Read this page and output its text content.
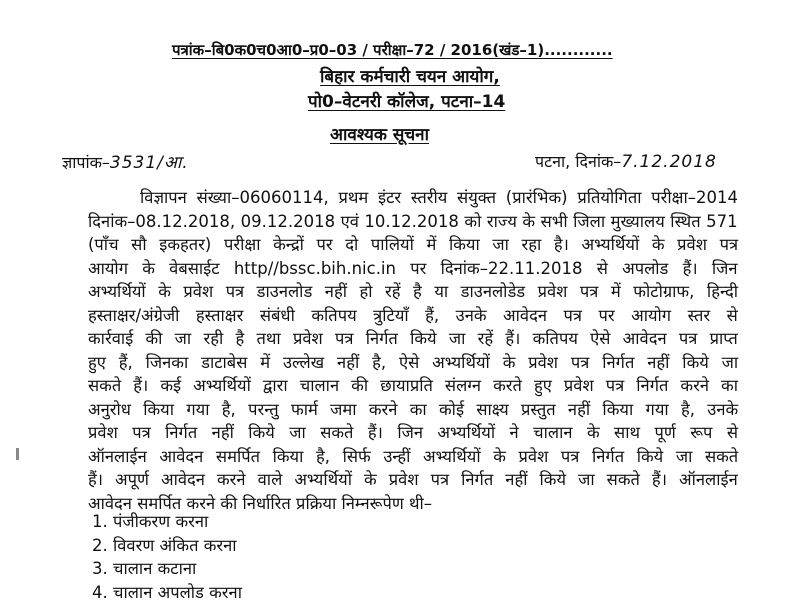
पत्रांक–बि0क0च0आ0–प्र0–03 / परीक्षा–72 / 2016(खंड–1)............
बिहार कर्मचारी चयन आयोग,
पो0–वेटनरी कॉलेज, पटना–14
आवश्यक सूचना
ज्ञापांक–3531/आ.	पटना, दिनांक–7.12.2018
विज्ञापन संख्या–06060114, प्रथम इंटर स्तरीय संयुक्त (प्रारंभिक) प्रतियोगिता परीक्षा–2014
दिनांक–08.12.2018, 09.12.2018 एवं 10.12.2018 को राज्य के सभी जिला मुख्यालय स्थित 571
(पाँच सौ इकहतर) परीक्षा केन्द्रों पर दो पालियों में किया जा रहा है। अभ्यर्थियों के प्रवेश पत्र
आयोग के वेबसाईट http//bssc.bih.nic.in पर दिनांक–22.11.2018 से अपलोड हैं। जिन
अभ्यर्थियों के प्रवेश पत्र डाउनलोड नहीं हो रहें है या डाउनलोडेड प्रवेश पत्र में फोटोग्राफ, हिन्दी
हस्ताक्षर/अंग्रेजी हस्ताक्षर संबंधी कतिपय त्रुटियाँ हैं, उनके आवेदन पत्र पर आयोग स्तर से
कार्रवाई की जा रही है तथा प्रवेश पत्र निर्गत किये जा रहें हैं। कतिपय ऐसे आवेदन पत्र प्राप्त
हुए हैं, जिनका डाटाबेस में उल्लेख नहीं है, ऐसे अभ्यर्थियों के प्रवेश पत्र निर्गत नहीं किये जा
सकते हैं। कई अभ्यर्थियों द्वारा चालान की छायाप्रति संलग्न करते हुए प्रवेश पत्र निर्गत करने का
अनुरोध किया गया है, परन्तु फार्म जमा करने का कोई साक्ष्य प्रस्तुत नहीं किया गया है, उनके
प्रवेश पत्र निर्गत नहीं किये जा सकते हैं। जिन अभ्यर्थियों ने चालान के साथ पूर्ण रूप से
ऑनलाईन आवेदन समर्पित किया है, सिर्फ उन्हीं अभ्यर्थियों के प्रवेश पत्र निर्गत किये जा सकते
हैं। अपूर्ण आवेदन करने वाले अभ्यर्थियों के प्रवेश पत्र निर्गत नहीं किये जा सकते हैं। ऑनलाईन
आवेदन समर्पित करने की निर्धारित प्रक्रिया निम्नरूपेण थी–
1. पंजीकरण करना
2. विवरण अंकित करना
3. चालान कटाना
4. चालान अपलोड करना
